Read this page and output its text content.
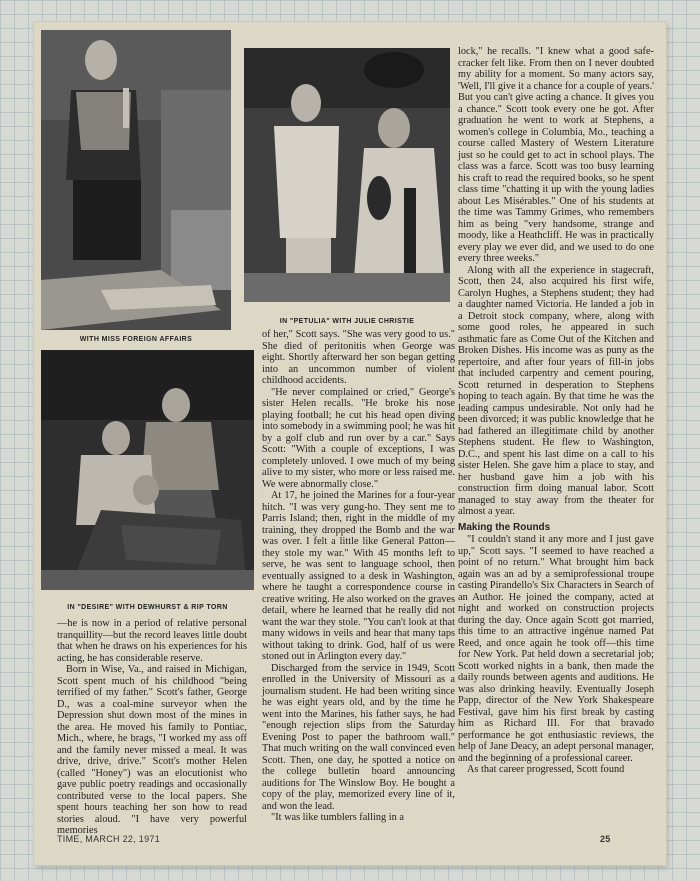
WITH MISS FOREIGN AFFAIRS
IN "PETULIA" WITH JULIE CHRISTIE
BY FRIEDMAN—ABELES
IN "DESIRE" WITH DEWHURST & RIP TORN

—he is now in a period of relative personal tranquillity—but the record leaves little doubt that when he draws on his experiences for his acting, he has considerable reserve.

Born in Wise, Va., and raised in Michigan, Scott spent much of his childhood "being terrified of my father." Scott's father, George D., was a coal-mine surveyor when the Depression shut down most of the mines in the area. He moved his family to Pontiac, Mich., where, he brags, "I worked my ass off and the family never missed a meal. It was drive, drive, drive." Scott's mother Helen (called "Honey") was an elocutionist who gave public poetry readings and occasionally contributed verse to the local papers. She spent hours teaching her son how to read stories aloud. "I have very powerful memories

of her," Scott says. "She was very good to us." She died of peritonitis when George was eight. Shortly afterward her son began getting into an uncommon number of violent childhood accidents.

"He never complained or cried," George's sister Helen recalls. "He broke his nose playing football; he cut his head open diving into somebody in a swimming pool; he was hit by a golf club and run over by a car." Says Scott: "With a couple of exceptions, I was completely unloved. I owe much of my being alive to my sister, who more or less raised me. We were abnormally close."

At 17, he joined the Marines for a four-year hitch. "I was very gung-ho. They sent me to Parris Island; then, right in the middle of my training, they dropped the Bomb and the war was over. I felt a little like General Patton—they stole my war." With 45 months left to serve, he was sent to language school, then eventually assigned to a desk in Washington, where he taught a correspondence course in creative writing. He also worked on the graves detail, where he learned that he really did not want the war they stole. "You can't look at that many widows in veils and hear that many taps without taking to drink. God, half of us were stoned out in Arlington every day."

Discharged from the service in 1949, Scott enrolled in the University of Missouri as a journalism student. He had been writing since he was eight years old, and by the time he went into the Marines, his father says, he had "enough rejection slips from the Saturday Evening Post to paper the bathroom wall." That much writing on the wall convinced even Scott. Then, one day, he spotted a notice on the college bulletin board announcing auditions for The Winslow Boy. He bought a copy of the play, memorized every line of it, and won the lead.

"It was like tumblers falling in a

lock," he recalls. "I knew what a good safe-cracker felt like. From then on I never doubted my ability for a moment. So many actors say, 'Well, I'll give it a chance for a couple of years.' But you can't give acting a chance. It gives you a chance." Scott took every one he got. After graduation he went to work at Stephens, a women's college in Columbia, Mo., teaching a course called Mastery of Western Literature just so he could get to act in school plays. The class was a farce. Scott was too busy learning his craft to read the required books, so he spent class time "chatting it up with the young ladies about Les Misérables." One of his students at the time was Tammy Grimes, who remembers him as being "very handsome, strange and moody, like a Heathcliff. He was in practically every play we ever did, and we used to do one every three weeks."

Along with all the experience in stagecraft, Scott, then 24, also acquired his first wife, Carolyn Hughes, a Stephens student; they had a daughter named Victoria. He landed a job in a Detroit stock company, where, along with some good roles, he appeared in such asthmatic fare as Come Out of the Kitchen and Broken Dishes. His income was as puny as the repertoire, and after four years of fill-in jobs that included carpentry and cement pouring, Scott returned in desperation to Stephens hoping to teach again. By that time he was the leading campus undesirable. Not only had he been divorced; it was public knowledge that he had fathered an illegitimate child by another Stephens student. He flew to Washington, D.C., and spent his last dime on a call to his sister Helen. She gave him a place to stay, and her husband gave him a job with his construction firm doing manual labor. Scott managed to stay away from the theater for almost a year.

Making the Rounds

"I couldn't stand it any more and I just gave up," Scott says. "I seemed to have reached a point of no return." What brought him back again was an ad by a semiprofessional troupe casting Pirandello's Six Characters in Search of an Author. He joined the company, acted at night and worked on construction projects during the day. Once again Scott got married, this time to an attractive ingénue named Pat Reed, and once again he took off—this time for New York. Pat held down a secretarial job; Scott worked nights in a bank, then made the daily rounds between agents and auditions. He was also drinking heavily. Eventually Joseph Papp, director of the New York Shakespeare Festival, gave him his first break by casting him as Richard III. For that bravado performance he got enthusiastic reviews, the help of Jane Deacy, an adept personal manager, and the beginning of a professional career.

As that career progressed, Scott found

TIME, MARCH 22, 1971	25
